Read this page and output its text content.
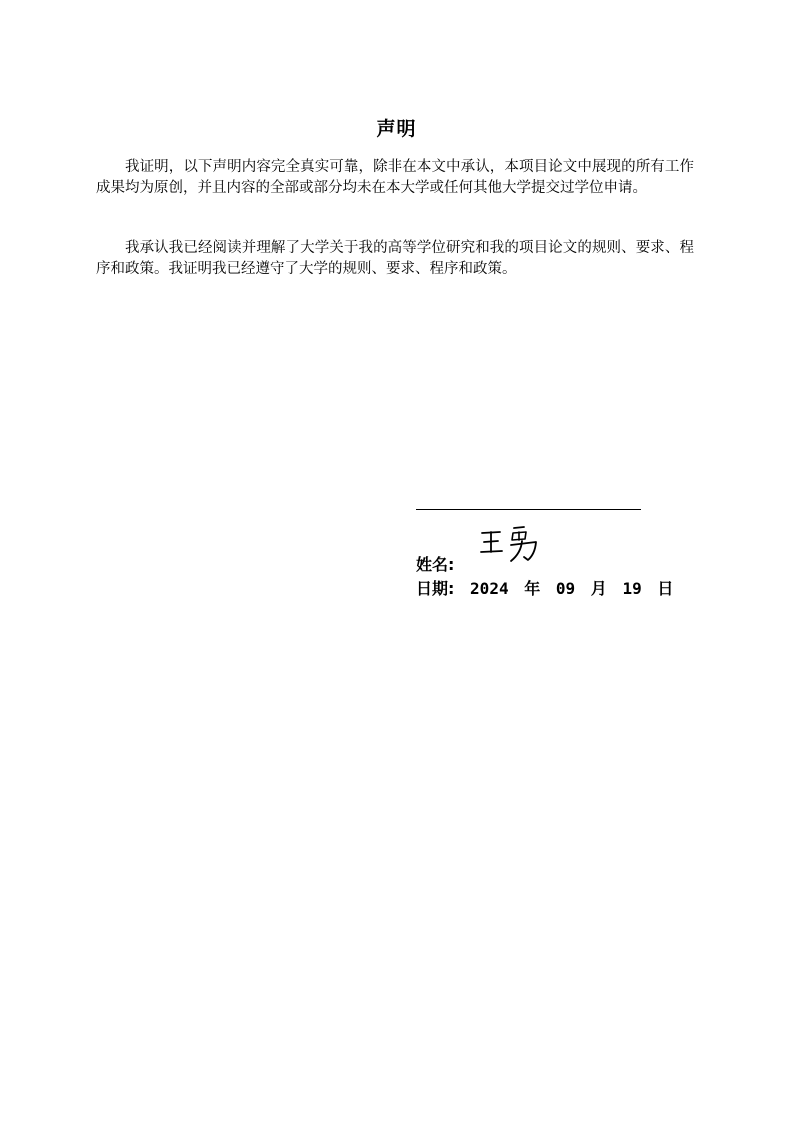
声明

我证明，以下声明内容完全真实可靠，除非在本文中承认，本项目论文中展现的所有工作成果均为原创，并且内容的全部或部分均未在本大学或任何其他大学提交过学位申请。

我承认我已经阅读并理解了大学关于我的高等学位研究和我的项目论文的规则、要求、程序和政策。我证明我已经遵守了大学的规则、要求、程序和政策。

姓名:
日期: 2024 年 09 月 19 日
